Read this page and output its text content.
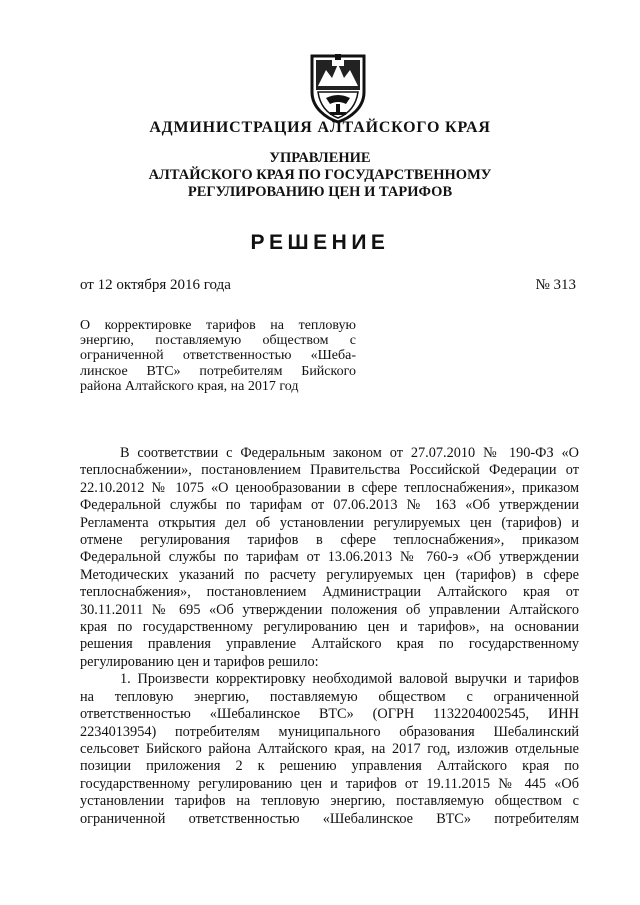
АДМИНИСТРАЦИЯ АЛТАЙСКОГО КРАЯ
УПРАВЛЕНИЕ
АЛТАЙСКОГО КРАЯ ПО ГОСУДАРСТВЕННОМУ
РЕГУЛИРОВАНИЮ ЦЕН И ТАРИФОВ
РЕШЕНИЕ
от 12 октября 2016 года	№ 313
О корректировке тарифов на тепловую
энергию, поставляемую обществом с
ограниченной ответственностью «Шеба-
линское ВТС» потребителям Бийского
района Алтайского края, на 2017 год
В соответствии с Федеральным законом от 27.07.2010 № 190-ФЗ «О
теплоснабжении», постановлением Правительства Российской Федерации от
22.10.2012 № 1075 «О ценообразовании в сфере теплоснабжения», приказом
Федеральной службы по тарифам от 07.06.2013 № 163 «Об утверждении
Регламента открытия дел об установлении регулируемых цен (тарифов) и
отмене регулирования тарифов в сфере теплоснабжения», приказом
Федеральной службы по тарифам от 13.06.2013 № 760-э «Об утверждении
Методических указаний по расчету регулируемых цен (тарифов) в сфере
теплоснабжения», постановлением Администрации Алтайского края от
30.11.2011 № 695 «Об утверждении положения об управлении Алтайского
края по государственному регулированию цен и тарифов», на основании
решения правления управление Алтайского края по государственному
регулированию цен и тарифов решило:
1. Произвести корректировку необходимой валовой выручки и тарифов
на тепловую энергию, поставляемую обществом с ограниченной
ответственностью «Шебалинское ВТС» (ОГРН 1132204002545, ИНН
2234013954) потребителям муниципального образования Шебалинский
сельсовет Бийского района Алтайского края, на 2017 год, изложив отдельные
позиции приложения 2 к решению управления Алтайского края по
государственному регулированию цен и тарифов от 19.11.2015 № 445 «Об
установлении тарифов на тепловую энергию, поставляемую обществом с
ограниченной ответственностью «Шебалинское ВТС» потребителям
